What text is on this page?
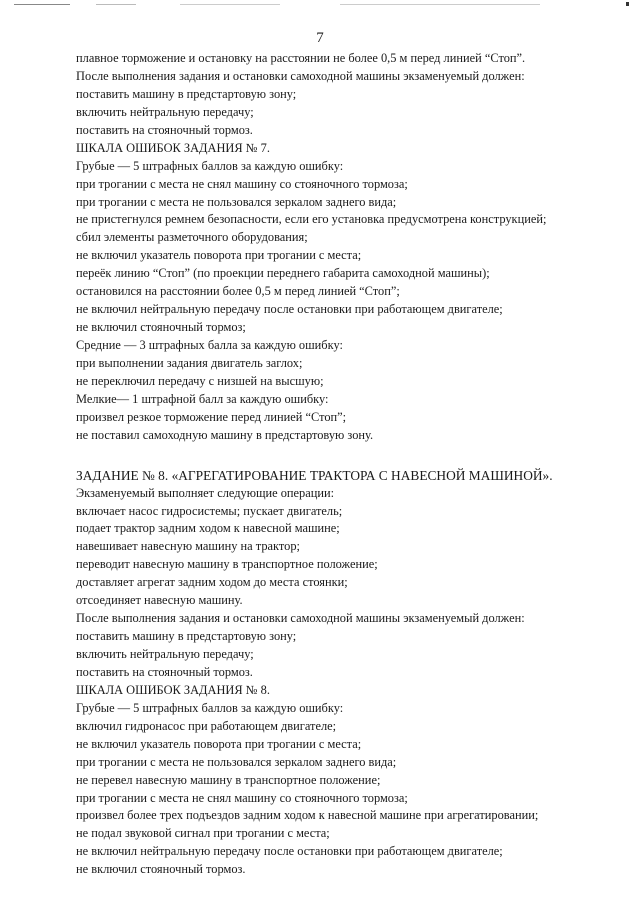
7
плавное торможение и остановку на расстоянии не более 0,5 м перед линией “Стоп”.
После выполнения задания и остановки самоходной машины экзаменуемый должен:
поставить машину в предстартовую зону;
включить нейтральную передачу;
поставить на стояночный тормоз.
ШКАЛА ОШИБОК ЗАДАНИЯ № 7.
Грубые — 5 штрафных баллов за каждую ошибку:
при трогании с места не снял машину со стояночного тормоза;
при трогании с места не пользовался зеркалом заднего вида;
не пристегнулся ремнем безопасности, если его установка предусмотрена конструкцией;
сбил элементы разметочного оборудования;
не включил указатель поворота при трогании с места;
переёк линию “Стоп” (по проекции переднего габарита самоходной машины);
остановился на расстоянии более 0,5 м перед линией “Стоп”;
не включил нейтральную передачу после остановки при работающем двигателе;
не включил стояночный тормоз;
Средние — 3 штрафных балла за каждую ошибку:
при выполнении задания двигатель заглох;
не переключил передачу с низшей на высшую;
Мелкие— 1 штрафной балл за каждую ошибку:
произвел резкое торможение перед линией “Стоп”;
не поставил самоходную машину в предстартовую зону.
ЗАДАНИЕ № 8. «АГРЕГАТИРОВАНИЕ ТРАКТОРА С НАВЕСНОЙ МАШИНОЙ».
Экзаменуемый выполняет следующие операции:
включает насос гидросистемы; пускает двигатель;
подает трактор задним ходом к навесной машине;
навешивает навесную машину на трактор;
переводит навесную машину в транспортное положение;
доставляет агрегат задним ходом до места стоянки;
отсоединяет навесную машину.
После выполнения задания и остановки самоходной машины экзаменуемый должен:
поставить машину в предстартовую зону;
включить нейтральную передачу;
поставить на стояночный тормоз.
ШКАЛА ОШИБОК ЗАДАНИЯ № 8.
Грубые — 5 штрафных баллов за каждую ошибку:
включил гидронасос при работающем двигателе;
не включил указатель поворота при трогании с места;
при трогании с места не пользовался зеркалом заднего вида;
не перевел навесную машину в транспортное положение;
при трогании с места не снял машину со стояночного тормоза;
произвел более трех подъездов задним ходом к навесной машине при агрегатировании;
не подал звуковой сигнал при трогании с места;
не включил нейтральную передачу после остановки при работающем двигателе;
не включил стояночный тормоз.
